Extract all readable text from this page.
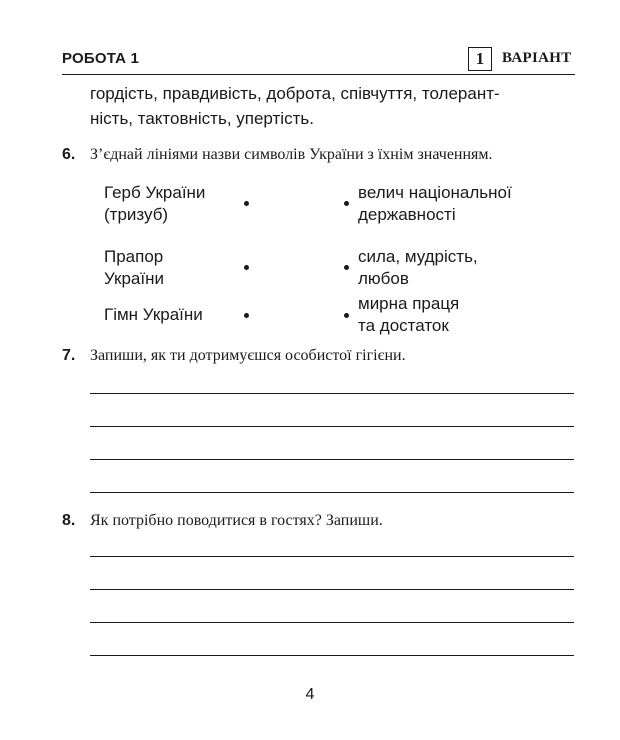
РОБОТА 1	1	ВАРІАНТ
гордість, правдивість, доброта, співчуття, толерант-
ність, тактовність, упертість.
6. З’єднай лініями назви символів України з їхнім значенням.
Герб України
(тризуб)
Прапор
України
Гімн України
велич національної
державності
сила, мудрість,
любов
мирна праця
та достаток
7. Запиши, як ти дотримуєшся особистої гігієни.
8. Як потрібно поводитися в гостях? Запиши.
4
